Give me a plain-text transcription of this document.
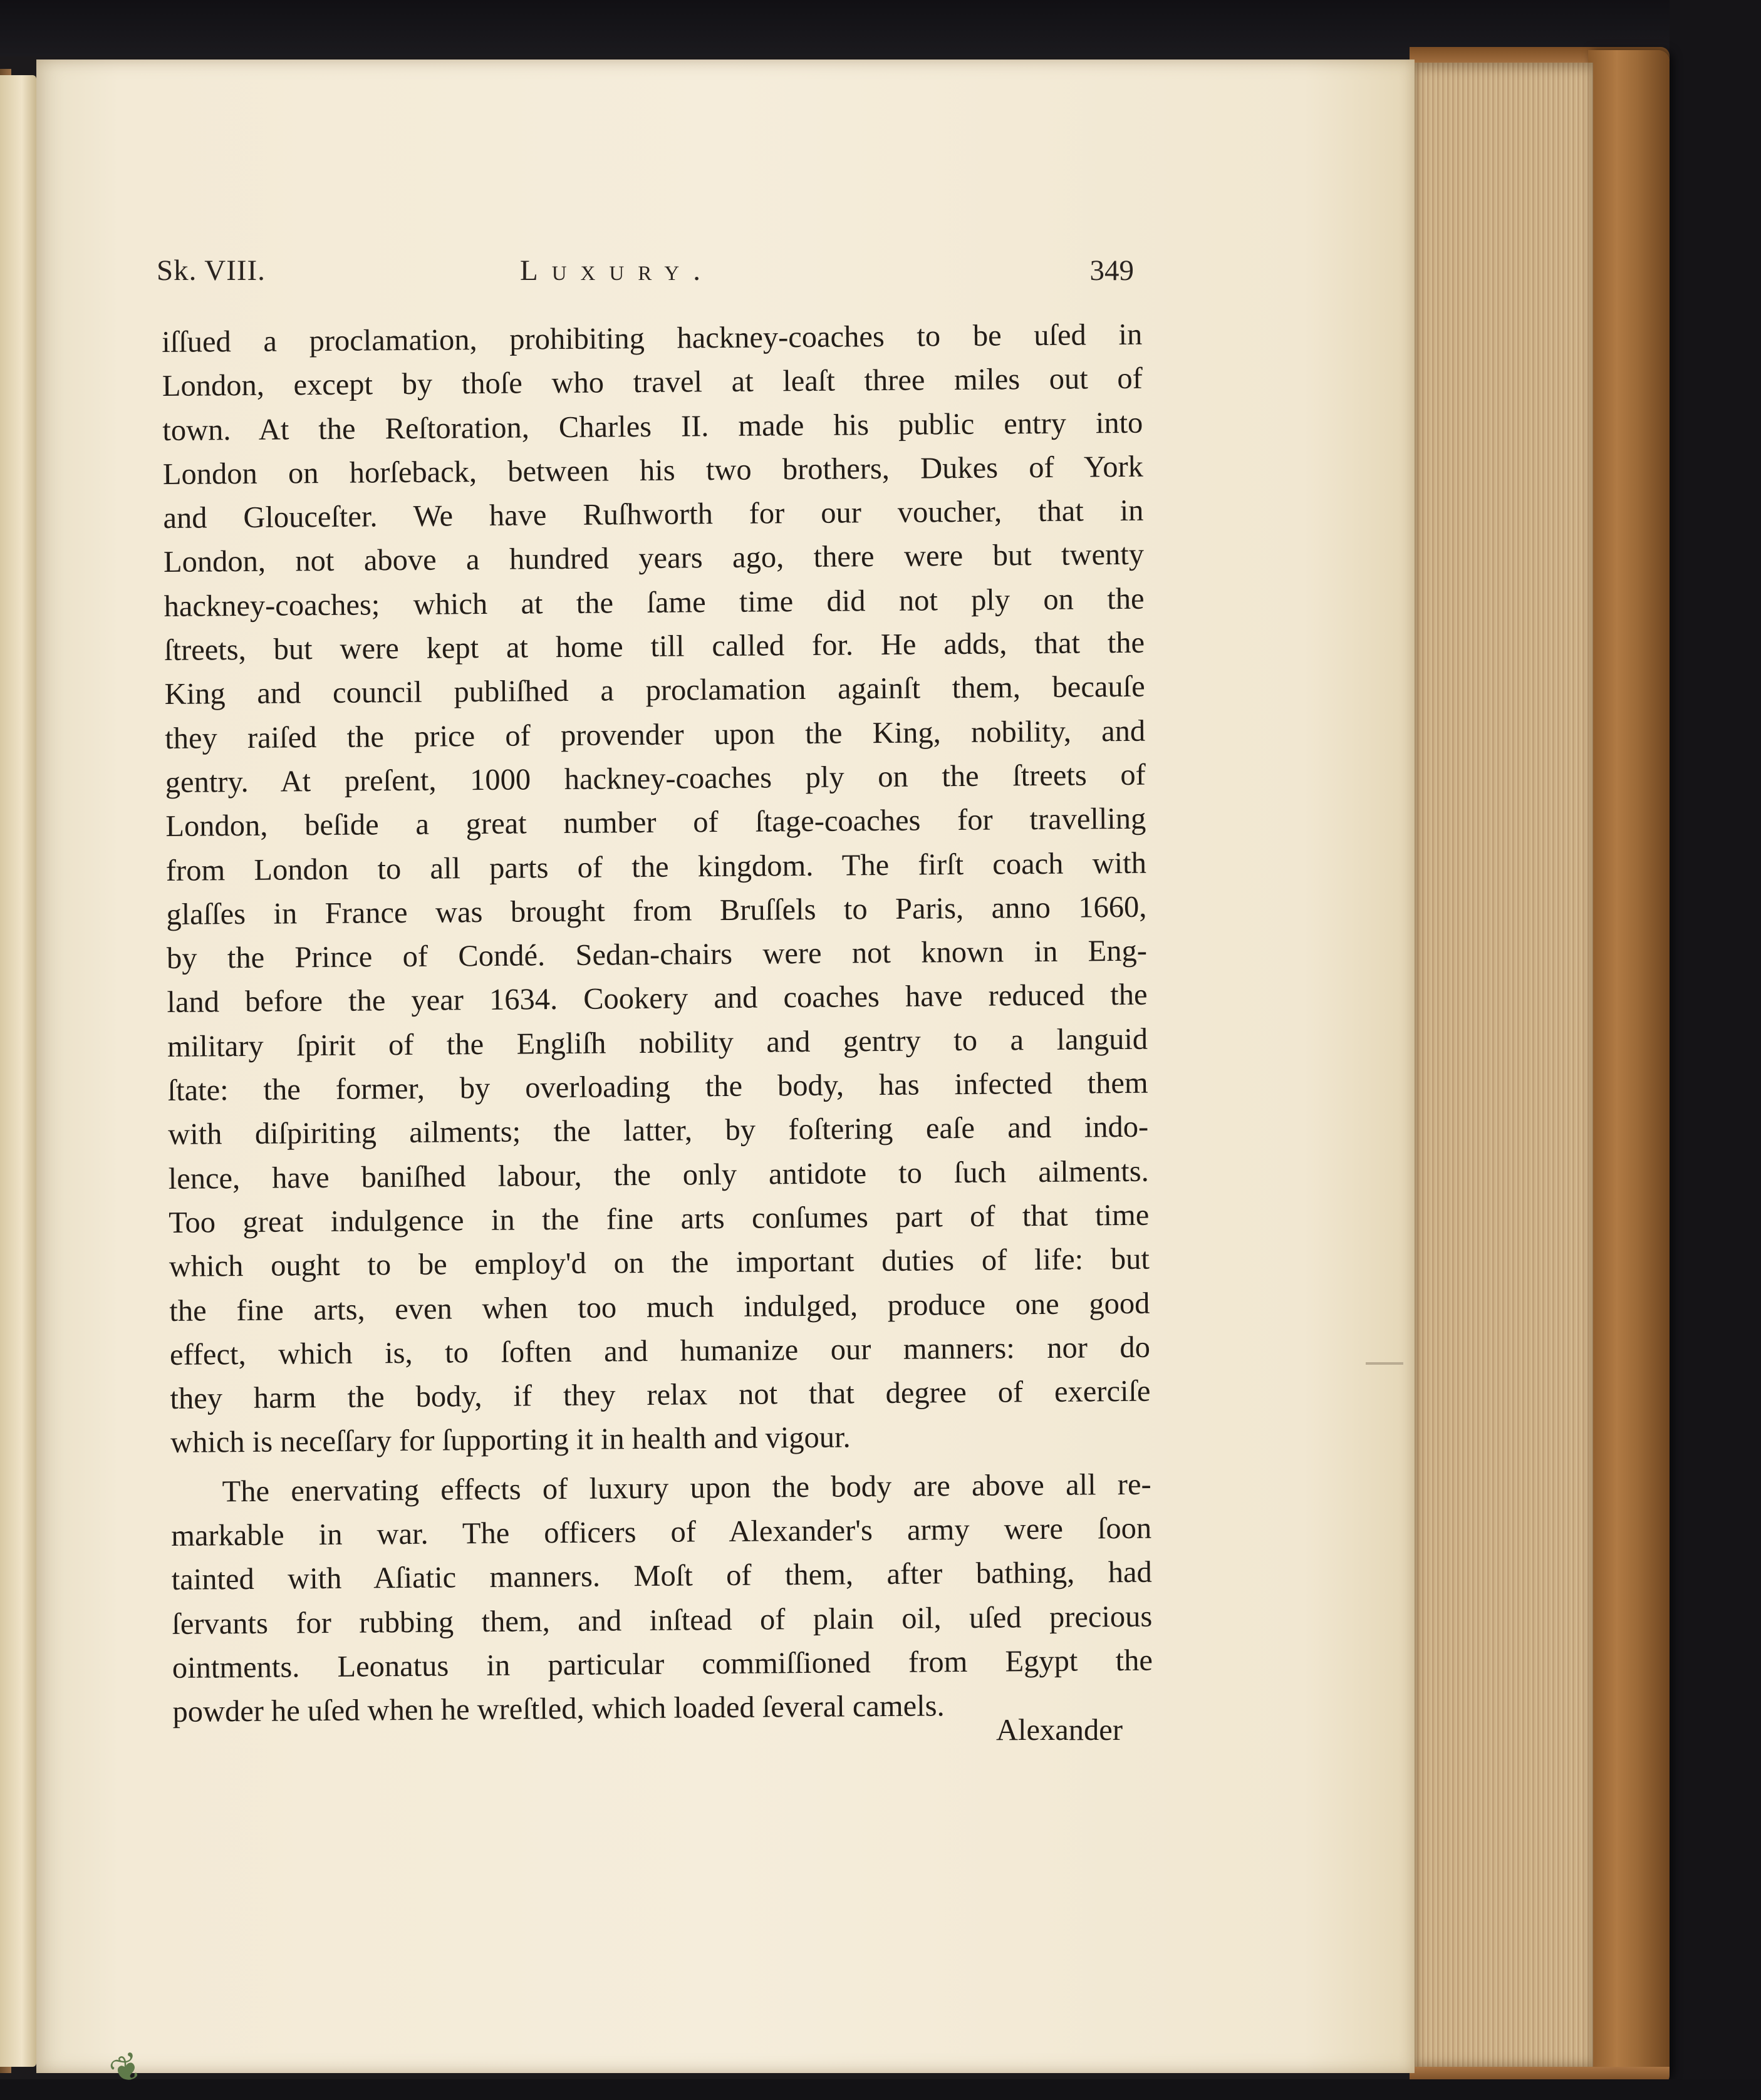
Sk. VIII.	Luxury.	349
iſſued a proclamation, prohibiting hackney-coaches to be uſed in
London, except by thoſe who travel at leaſt three miles out of
town. At the Reſtoration, Charles II. made his public entry into
London on horſeback, between his two brothers, Dukes of York
and Glouceſter. We have Ruſhworth for our voucher, that in
London, not above a hundred years ago, there were but twenty
hackney-coaches; which at the ſame time did not ply on the
ſtreets, but were kept at home till called for. He adds, that the
King and council publiſhed a proclamation againſt them, becauſe
they raiſed the price of provender upon the King, nobility, and
gentry. At preſent, 1000 hackney-coaches ply on the ſtreets of
London, beſide a great number of ſtage-coaches for travelling
from London to all parts of the kingdom. The firſt coach with
glaſſes in France was brought from Bruſſels to Paris, anno 1660,
by the Prince of Condé. Sedan-chairs were not known in Eng-
land before the year 1634. Cookery and coaches have reduced the
military ſpirit of the Engliſh nobility and gentry to a languid
ſtate: the former, by overloading the body, has infected them
with diſpiriting ailments; the latter, by foſtering eaſe and indo-
lence, have baniſhed labour, the only antidote to ſuch ailments.
Too great indulgence in the fine arts conſumes part of that time
which ought to be employ'd on the important duties of life: but
the fine arts, even when too much indulged, produce one good
effect, which is, to ſoften and humanize our manners: nor do
they harm the body, if they relax not that degree of exerciſe
which is neceſſary for ſupporting it in health and vigour.
The enervating effects of luxury upon the body are above all re-
markable in war. The officers of Alexander's army were ſoon
tainted with Aſiatic manners. Moſt of them, after bathing, had
ſervants for rubbing them, and inſtead of plain oil, uſed precious
ointments. Leonatus in particular commiſſioned from Egypt the
powder he uſed when he wreſtled, which loaded ſeveral camels.
Alexander
❦
